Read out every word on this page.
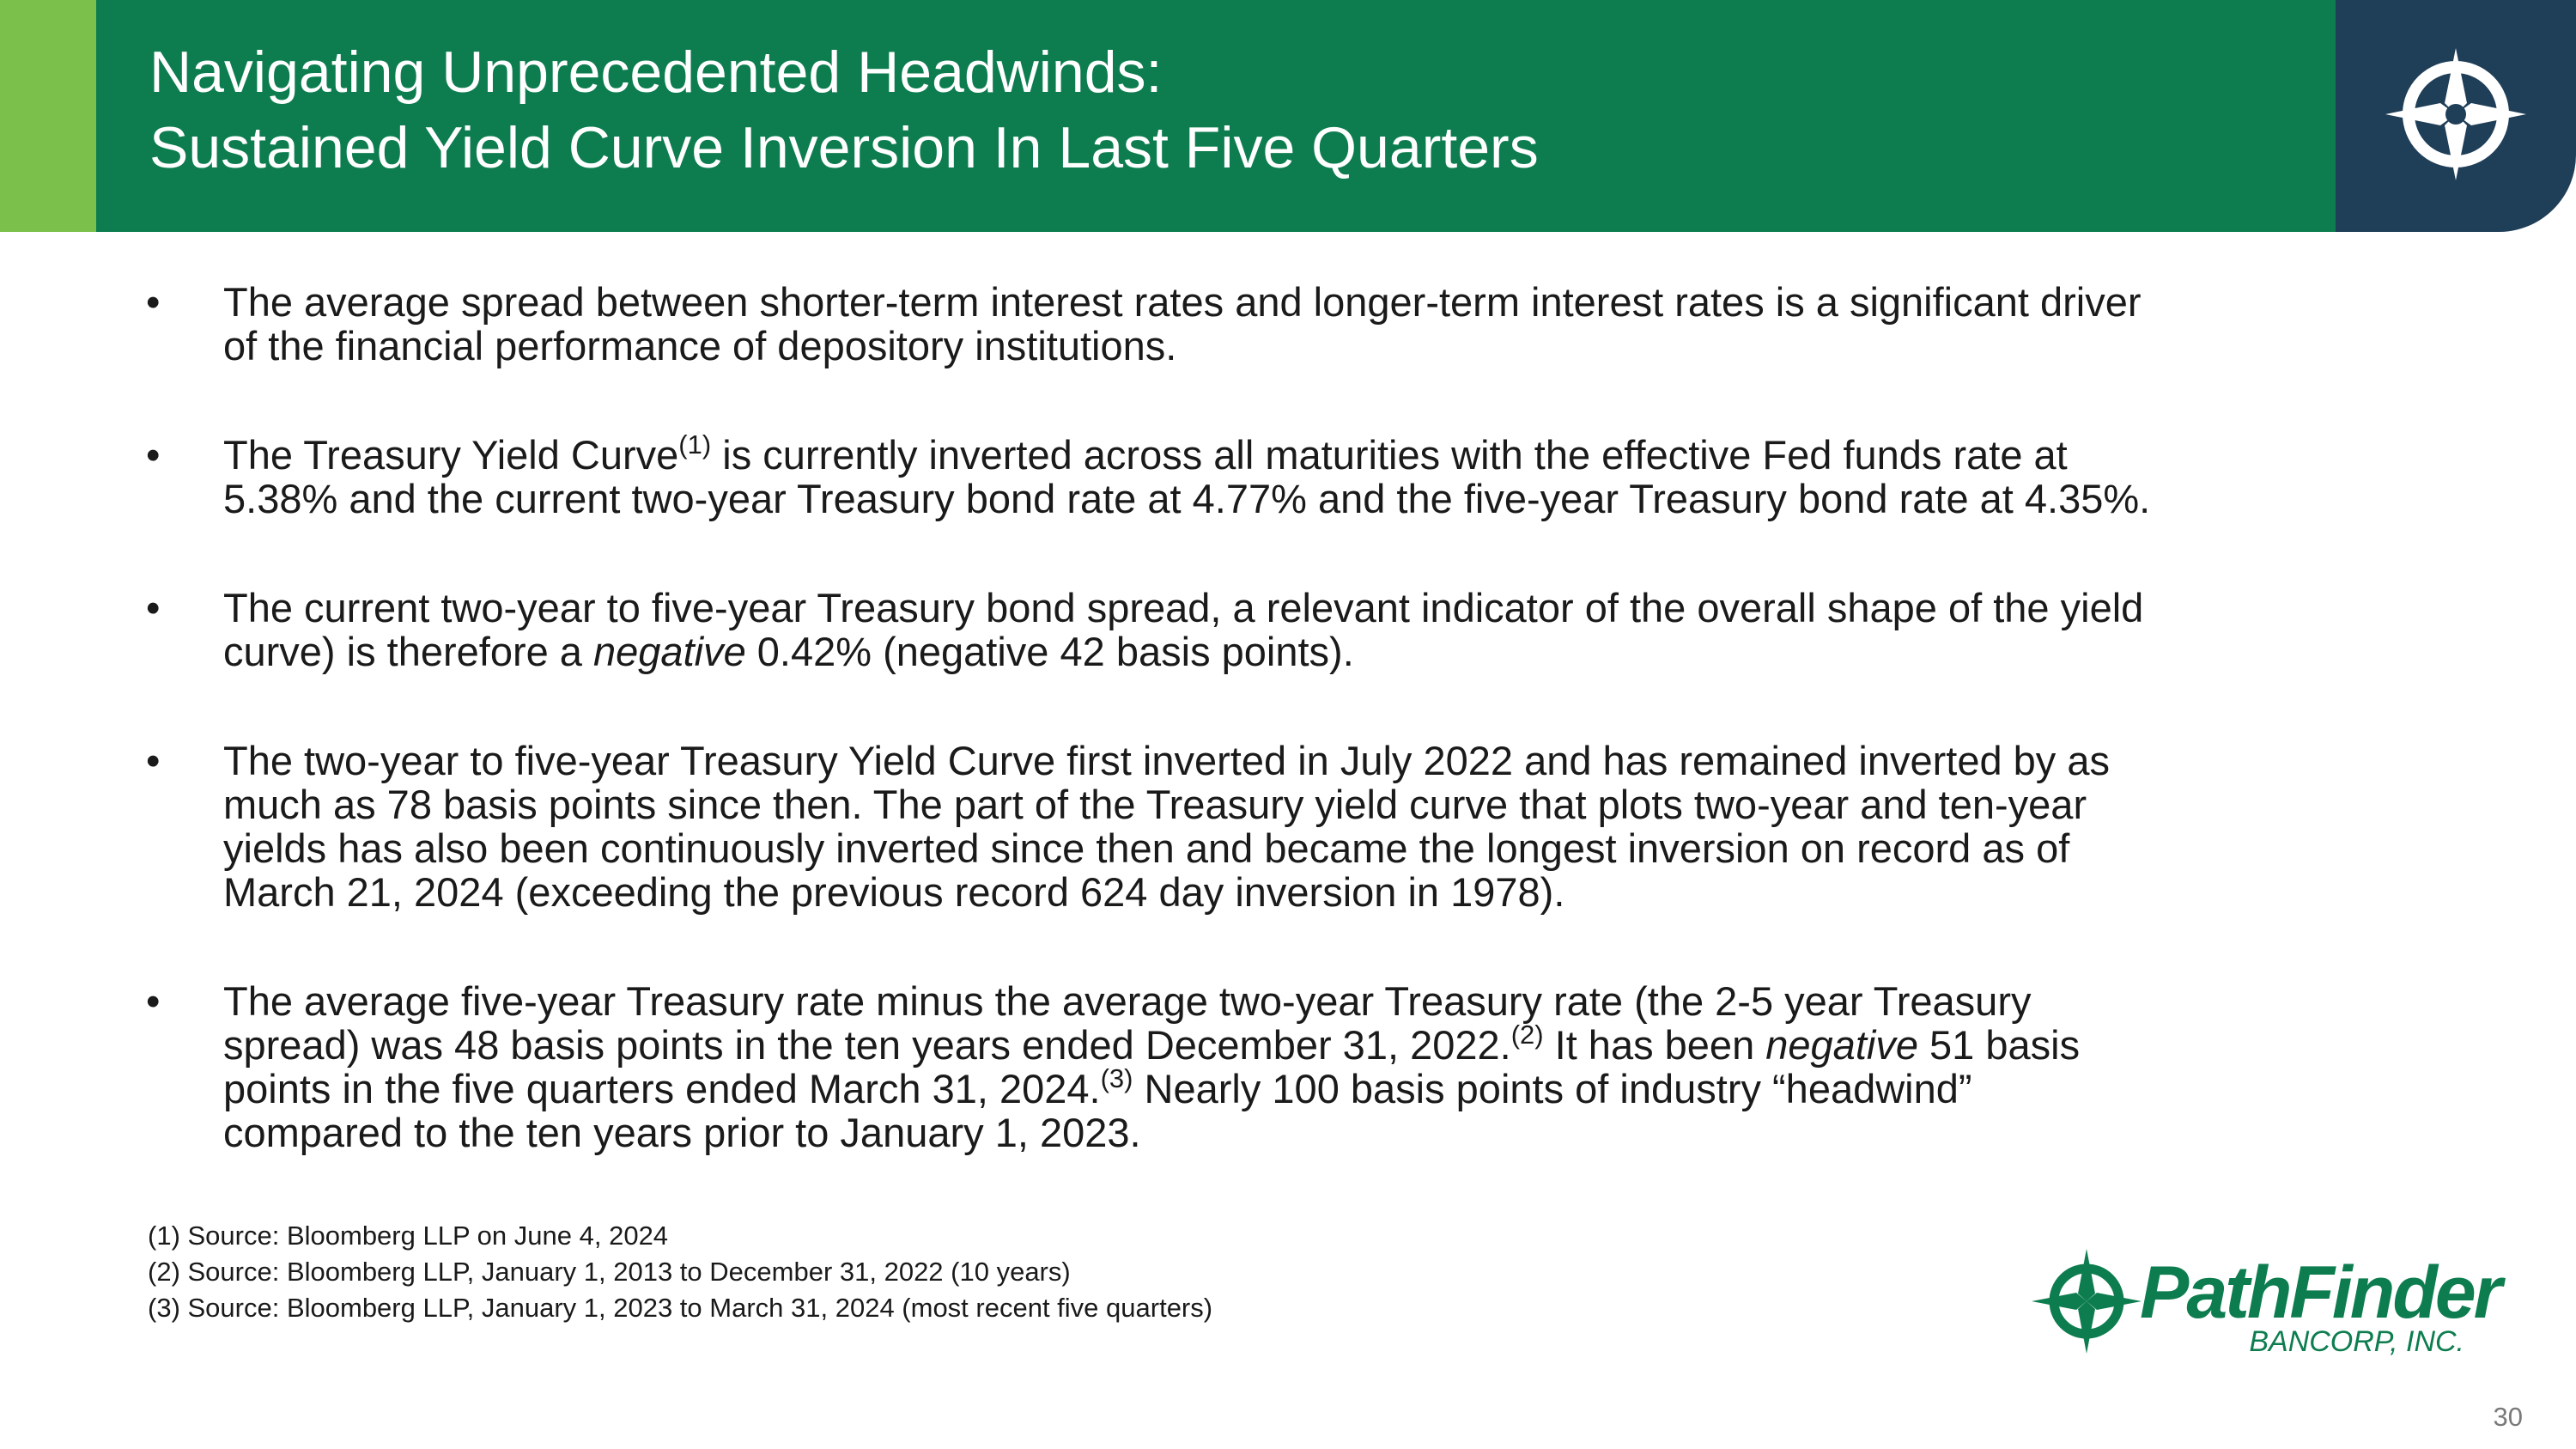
Navigating Unprecedented Headwinds:
Sustained Yield Curve Inversion In Last Five Quarters
•	The average spread between shorter-term interest rates and longer-term interest rates is a significant driver
of the financial performance of depository institutions.
•	The Treasury Yield Curve$^{(1)}$ is currently inverted across all maturities with the effective Fed funds rate at
5.38% and the current two-year Treasury bond rate at 4.77% and the five-year Treasury bond rate at 4.35%.
•	The current two-year to five-year Treasury bond spread, a relevant indicator of the overall shape of the yield
curve) is therefore a negative 0.42% (negative 42 basis points).
•	The two-year to five-year Treasury Yield Curve first inverted in July 2022 and has remained inverted by as
much as 78 basis points since then. The part of the Treasury yield curve that plots two-year and ten-year
yields has also been continuously inverted since then and became the longest inversion on record as of
March 21, 2024 (exceeding the previous record 624 day inversion in 1978).
•	The average five-year Treasury rate minus the average two-year Treasury rate (the 2-5 year Treasury
spread) was 48 basis points in the ten years ended December 31, 2022.$^{(2)}$ It has been negative 51 basis
points in the five quarters ended March 31, 2024.$^{(3)}$ Nearly 100 basis points of industry “headwind”
compared to the ten years prior to January 1, 2023.
(1) Source: Bloomberg LLP on June 4, 2024
(2) Source: Bloomberg LLP, January 1, 2013 to December 31, 2022 (10 years)
(3) Source: Bloomberg LLP, January 1, 2023 to March 31, 2024 (most recent five quarters)	PathFinder
BANCORP, INC.
30
